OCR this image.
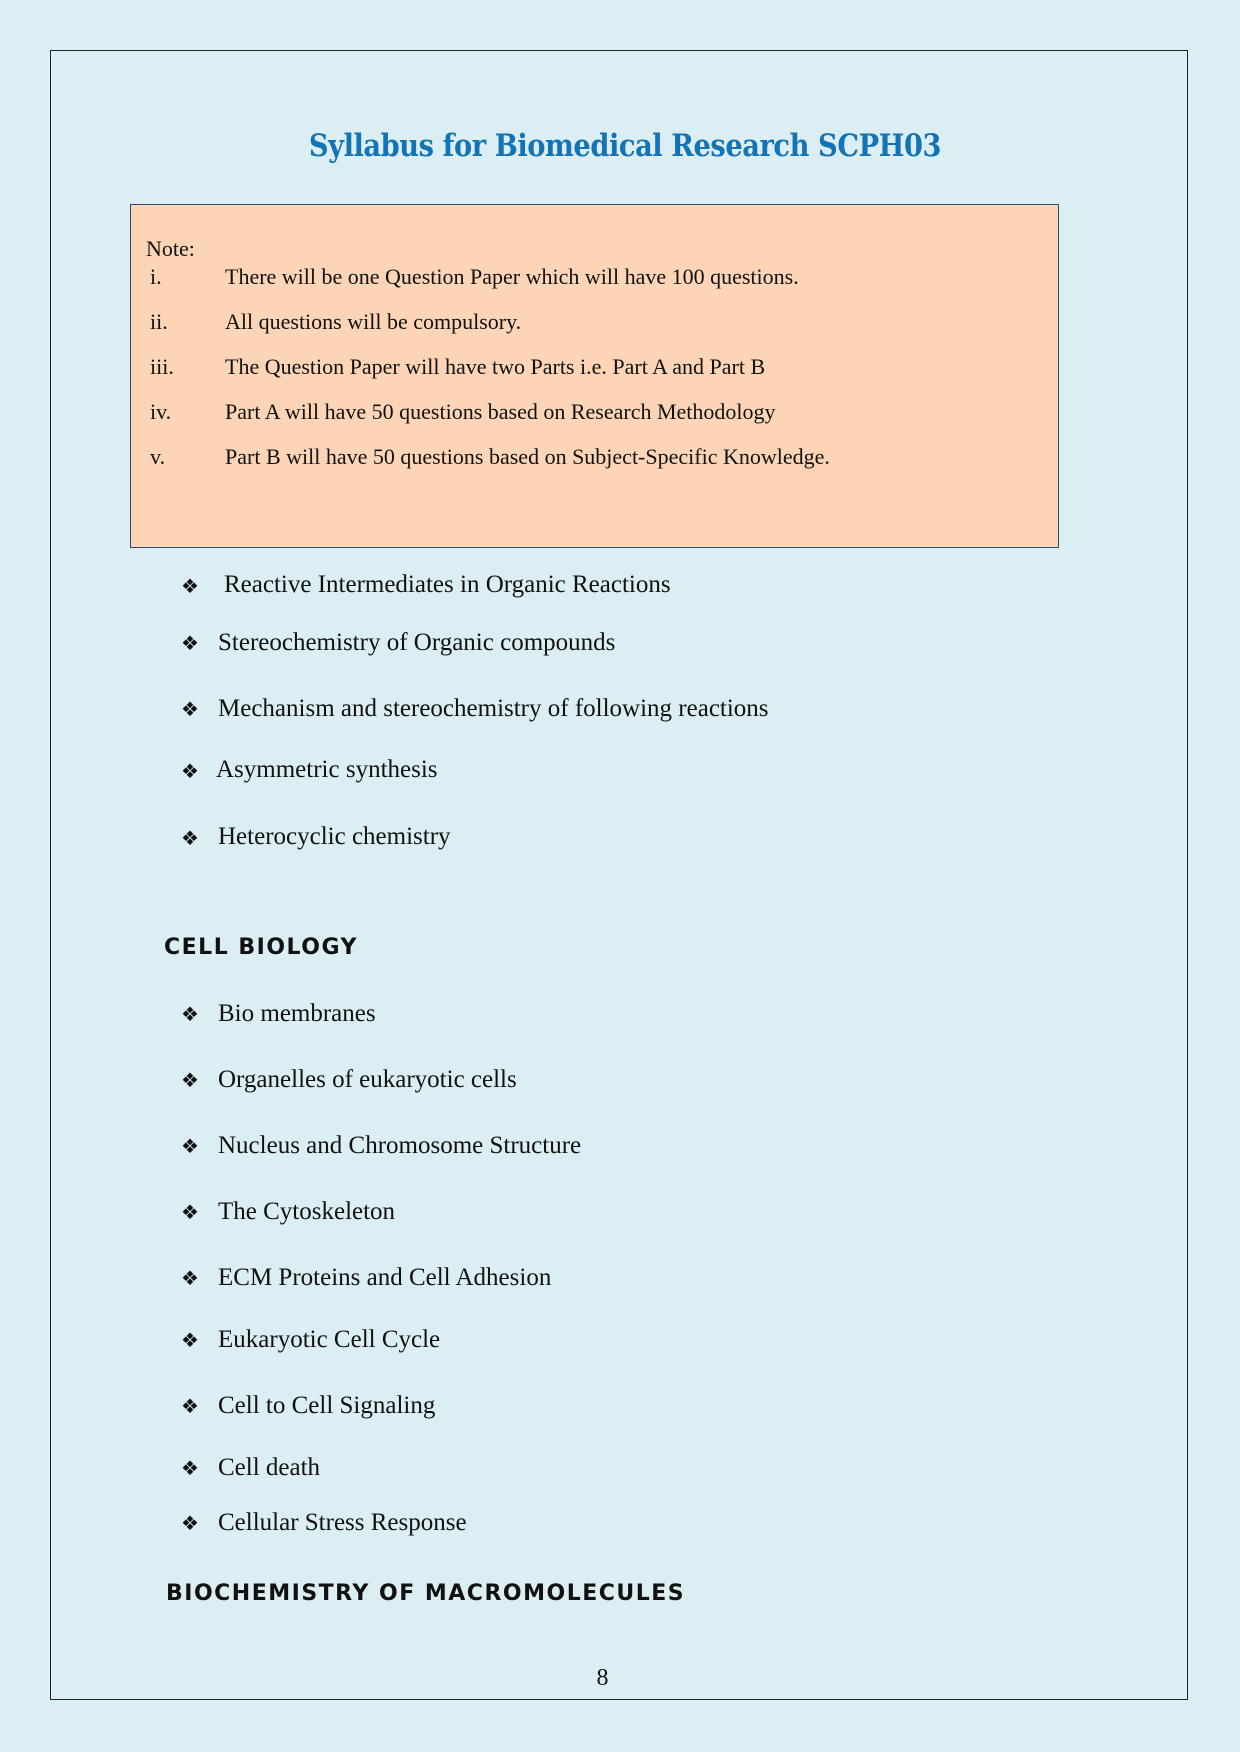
Syllabus for Biomedical Research SCPH03
Note:
i.	There will be one Question Paper which will have 100 questions.
ii.	All questions will be compulsory.
iii. The Question Paper will have two Parts i.e. Part A and Part B
iv. Part A will have 50 questions based on Research Methodology
v.	Part B will have 50 questions based on Subject-Specific Knowledge.
❖ Reactive Intermediates in Organic Reactions
❖ Stereochemistry of Organic compounds
❖ Mechanism and stereochemistry of following reactions
❖ Asymmetric synthesis
❖ Heterocyclic chemistry
CELL BIOLOGY
❖ Bio membranes
❖ Organelles of eukaryotic cells
❖ Nucleus and Chromosome Structure
❖ The Cytoskeleton
❖ ECM Proteins and Cell Adhesion
❖ Eukaryotic Cell Cycle
❖ Cell to Cell Signaling
❖ Cell death
❖ Cellular Stress Response
BIOCHEMISTRY OF MACROMOLECULES
8
